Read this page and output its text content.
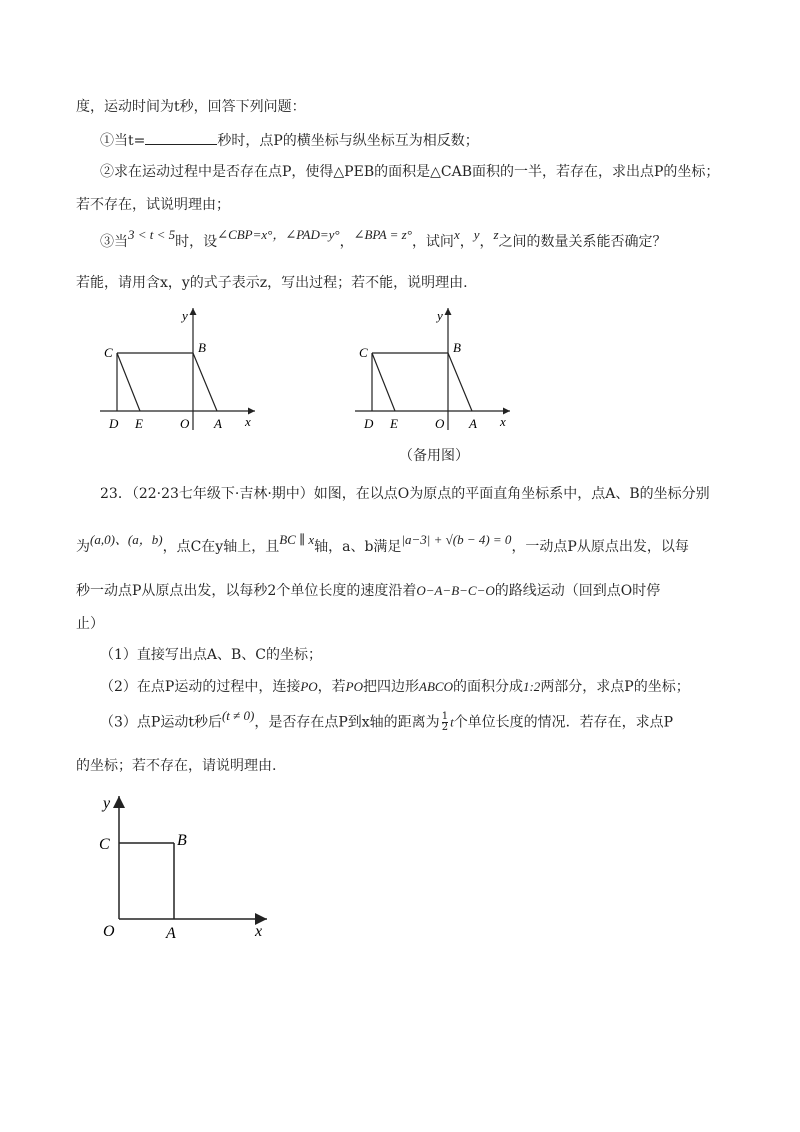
度，运动时间为t秒，回答下列问题：
①当t=	秒时，点P的横坐标与纵坐标互为相反数；
②求在运动过程中是否存在点P，使得△PEB的面积是△CAB面积的一半，若存在，求出点P的坐标；
若不存在，试说明理由；
③当3 < t < 5时，设∠CBP=x°，∠PAD=y°，∠BPA = z°，试问x，y，z之间的数量关系能否确定？
若能，请用含x，y的式子表示z，写出过程；若不能，说明理由.
y
C	B
D E	O A x
y
C	B
D E	O A x
（备用图）
23．（22·23七年级下·吉林·期中）如图，在以点O为原点的平面直角坐标系中，点A、B的坐标分别
为(a,0)、(a，b)，点C在y轴上，且BC ∥ x轴，a、b满足|a−3| + √(b − 4) = 0，一动点P从原点出发，以每
秒一动点P从原点出发，以每秒2个单位长度的速度沿着O−A−B−C−O的路线运动（回到点O时停
止）
（1）直接写出点A、B、C的坐标；
（2）在点P运动的过程中，连接PO，若PO把四边形ABCO的面积分成1:2两部分，求点P的坐标；
（3）点P运动t秒后(t ≠ 0)，是否存在点P到x轴的距离为 $\frac{1}{2}$ t个单位长度的情况．若存在，求点P
的坐标；若不存在，请说明理由.
y
C	B
O	A	x
